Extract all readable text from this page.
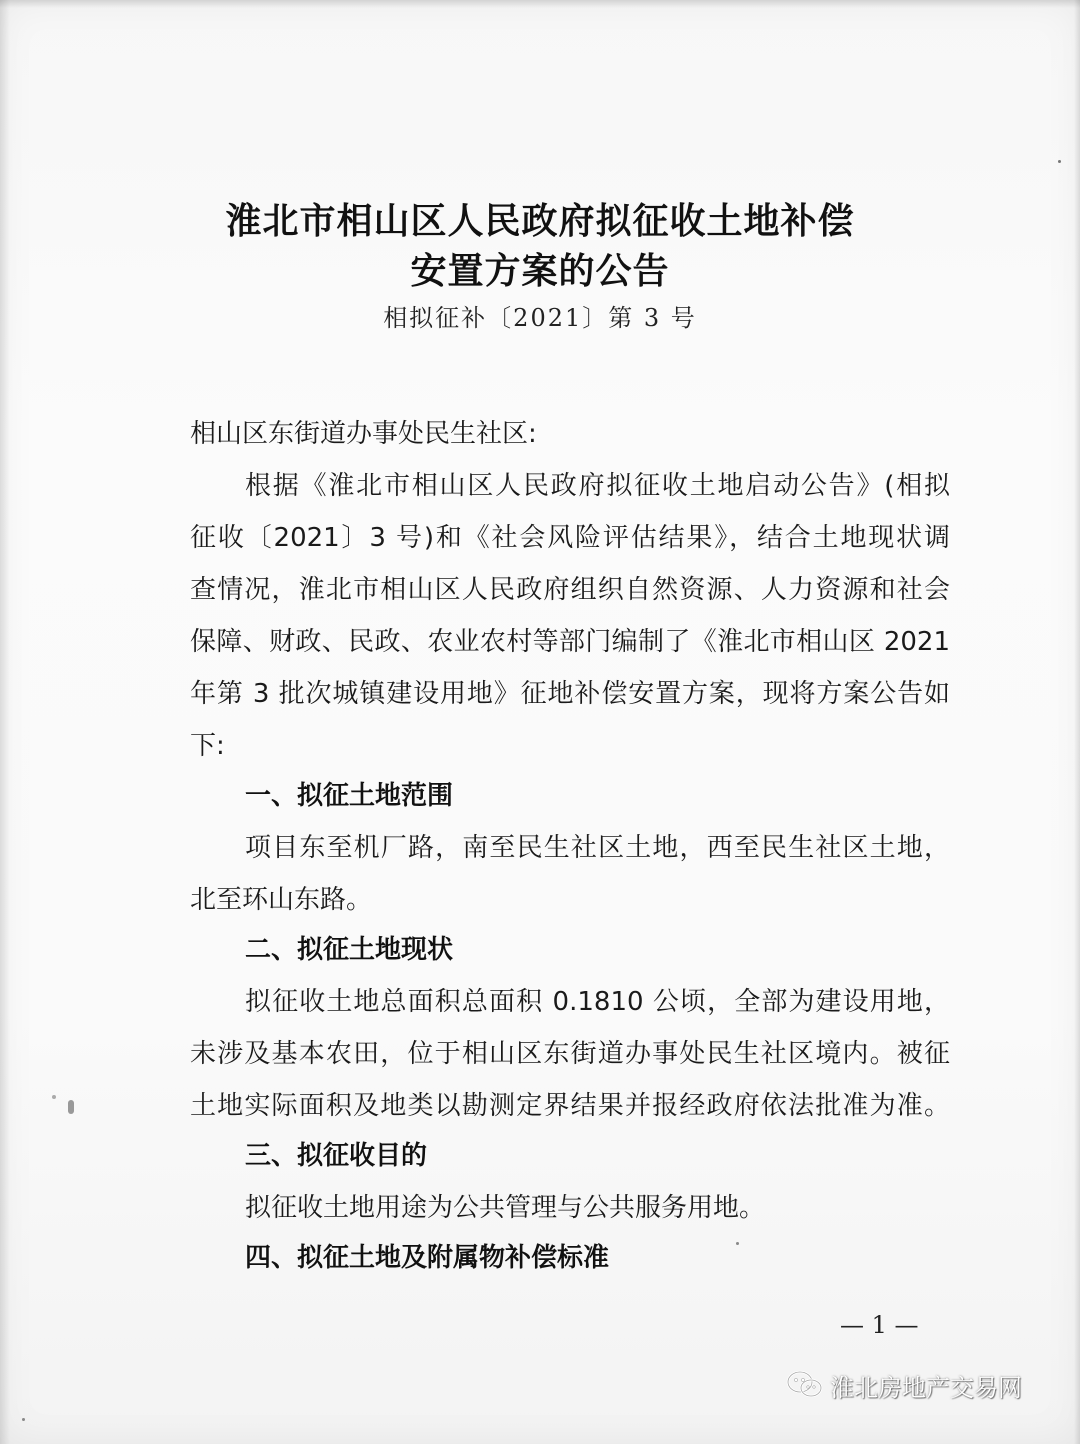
淮北市相山区人民政府拟征收土地补偿
安置方案的公告
相拟征补〔2021〕第 3 号
相山区东街道办事处民生社区:
根据《淮北市相山区人民政府拟征收土地启动公告》(相拟
征收〔2021〕3 号)和《社会风险评估结果》，结合土地现状调
查情况，淮北市相山区人民政府组织自然资源、人力资源和社会
保障、财政、民政、农业农村等部门编制了《淮北市相山区 2021
年第 3 批次城镇建设用地》征地补偿安置方案，现将方案公告如
下:
一、拟征土地范围
项目东至机厂路，南至民生社区土地，西至民生社区土地，
北至环山东路。
二、拟征土地现状
拟征收土地总面积总面积 0.1810 公顷，全部为建设用地，
未涉及基本农田，位于相山区东街道办事处民生社区境内。被征
土地实际面积及地类以勘测定界结果并报经政府依法批准为准。
三、拟征收目的
拟征收土地用途为公共管理与公共服务用地。
四、拟征土地及附属物补偿标准
— 1 —
淮北房地产交易网
